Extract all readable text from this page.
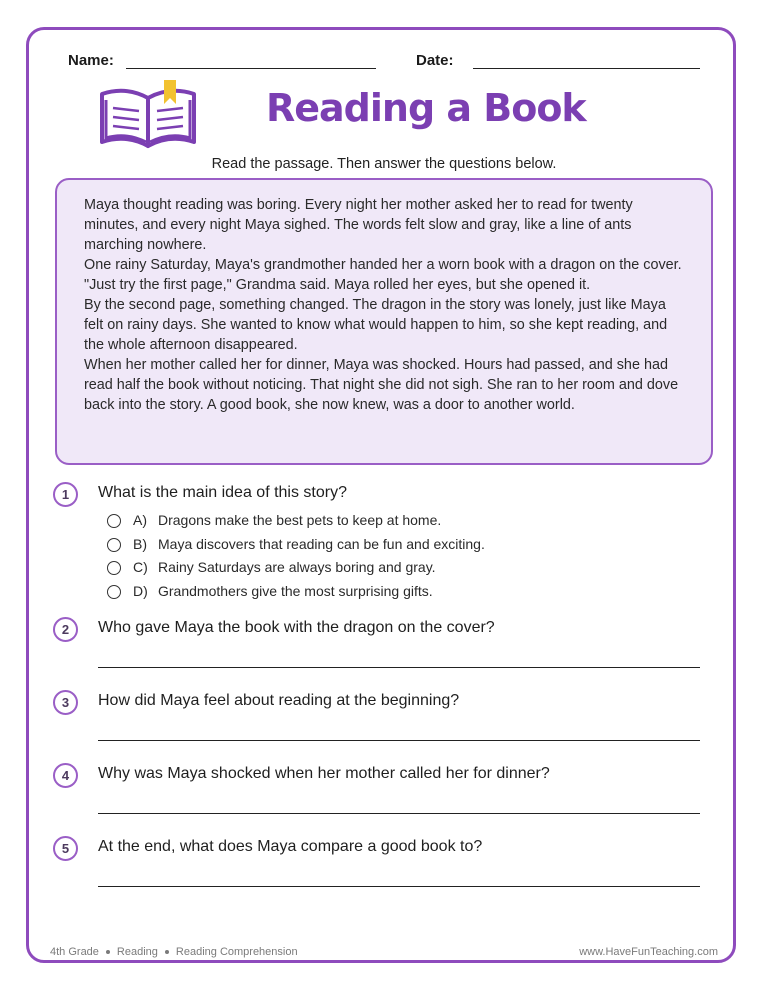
Name:	Date:
Reading a Book
Read the passage. Then answer the questions below.

Maya thought reading was boring. Every night her mother asked her to read for twenty minutes, and every night Maya sighed. The words felt slow and gray, like a line of ants marching nowhere.

One rainy Saturday, Maya's grandmother handed her a worn book with a dragon on the cover. "Just try the first page," Grandma said. Maya rolled her eyes, but she opened it.

By the second page, something changed. The dragon in the story was lonely, just like Maya felt on rainy days. She wanted to know what would happen to him, so she kept reading, and the whole afternoon disappeared.

When her mother called her for dinner, Maya was shocked. Hours had passed, and she had read half the book without noticing. That night she did not sigh. She ran to her room and dove back into the story. A good book, she now knew, was a door to another world.

1	What is the main idea of this story?
A) Dragons make the best pets to keep at home.
B) Maya discovers that reading can be fun and exciting.
C) Rainy Saturdays are always boring and gray.
D) Grandmothers give the most surprising gifts.
2	Who gave Maya the book with the dragon on the cover?
3	How did Maya feel about reading at the beginning?
4	Why was Maya shocked when her mother called her for dinner?
5	At the end, what does Maya compare a good book to?
4th Grade Reading Reading Comprehension	www.HaveFunTeaching.com
